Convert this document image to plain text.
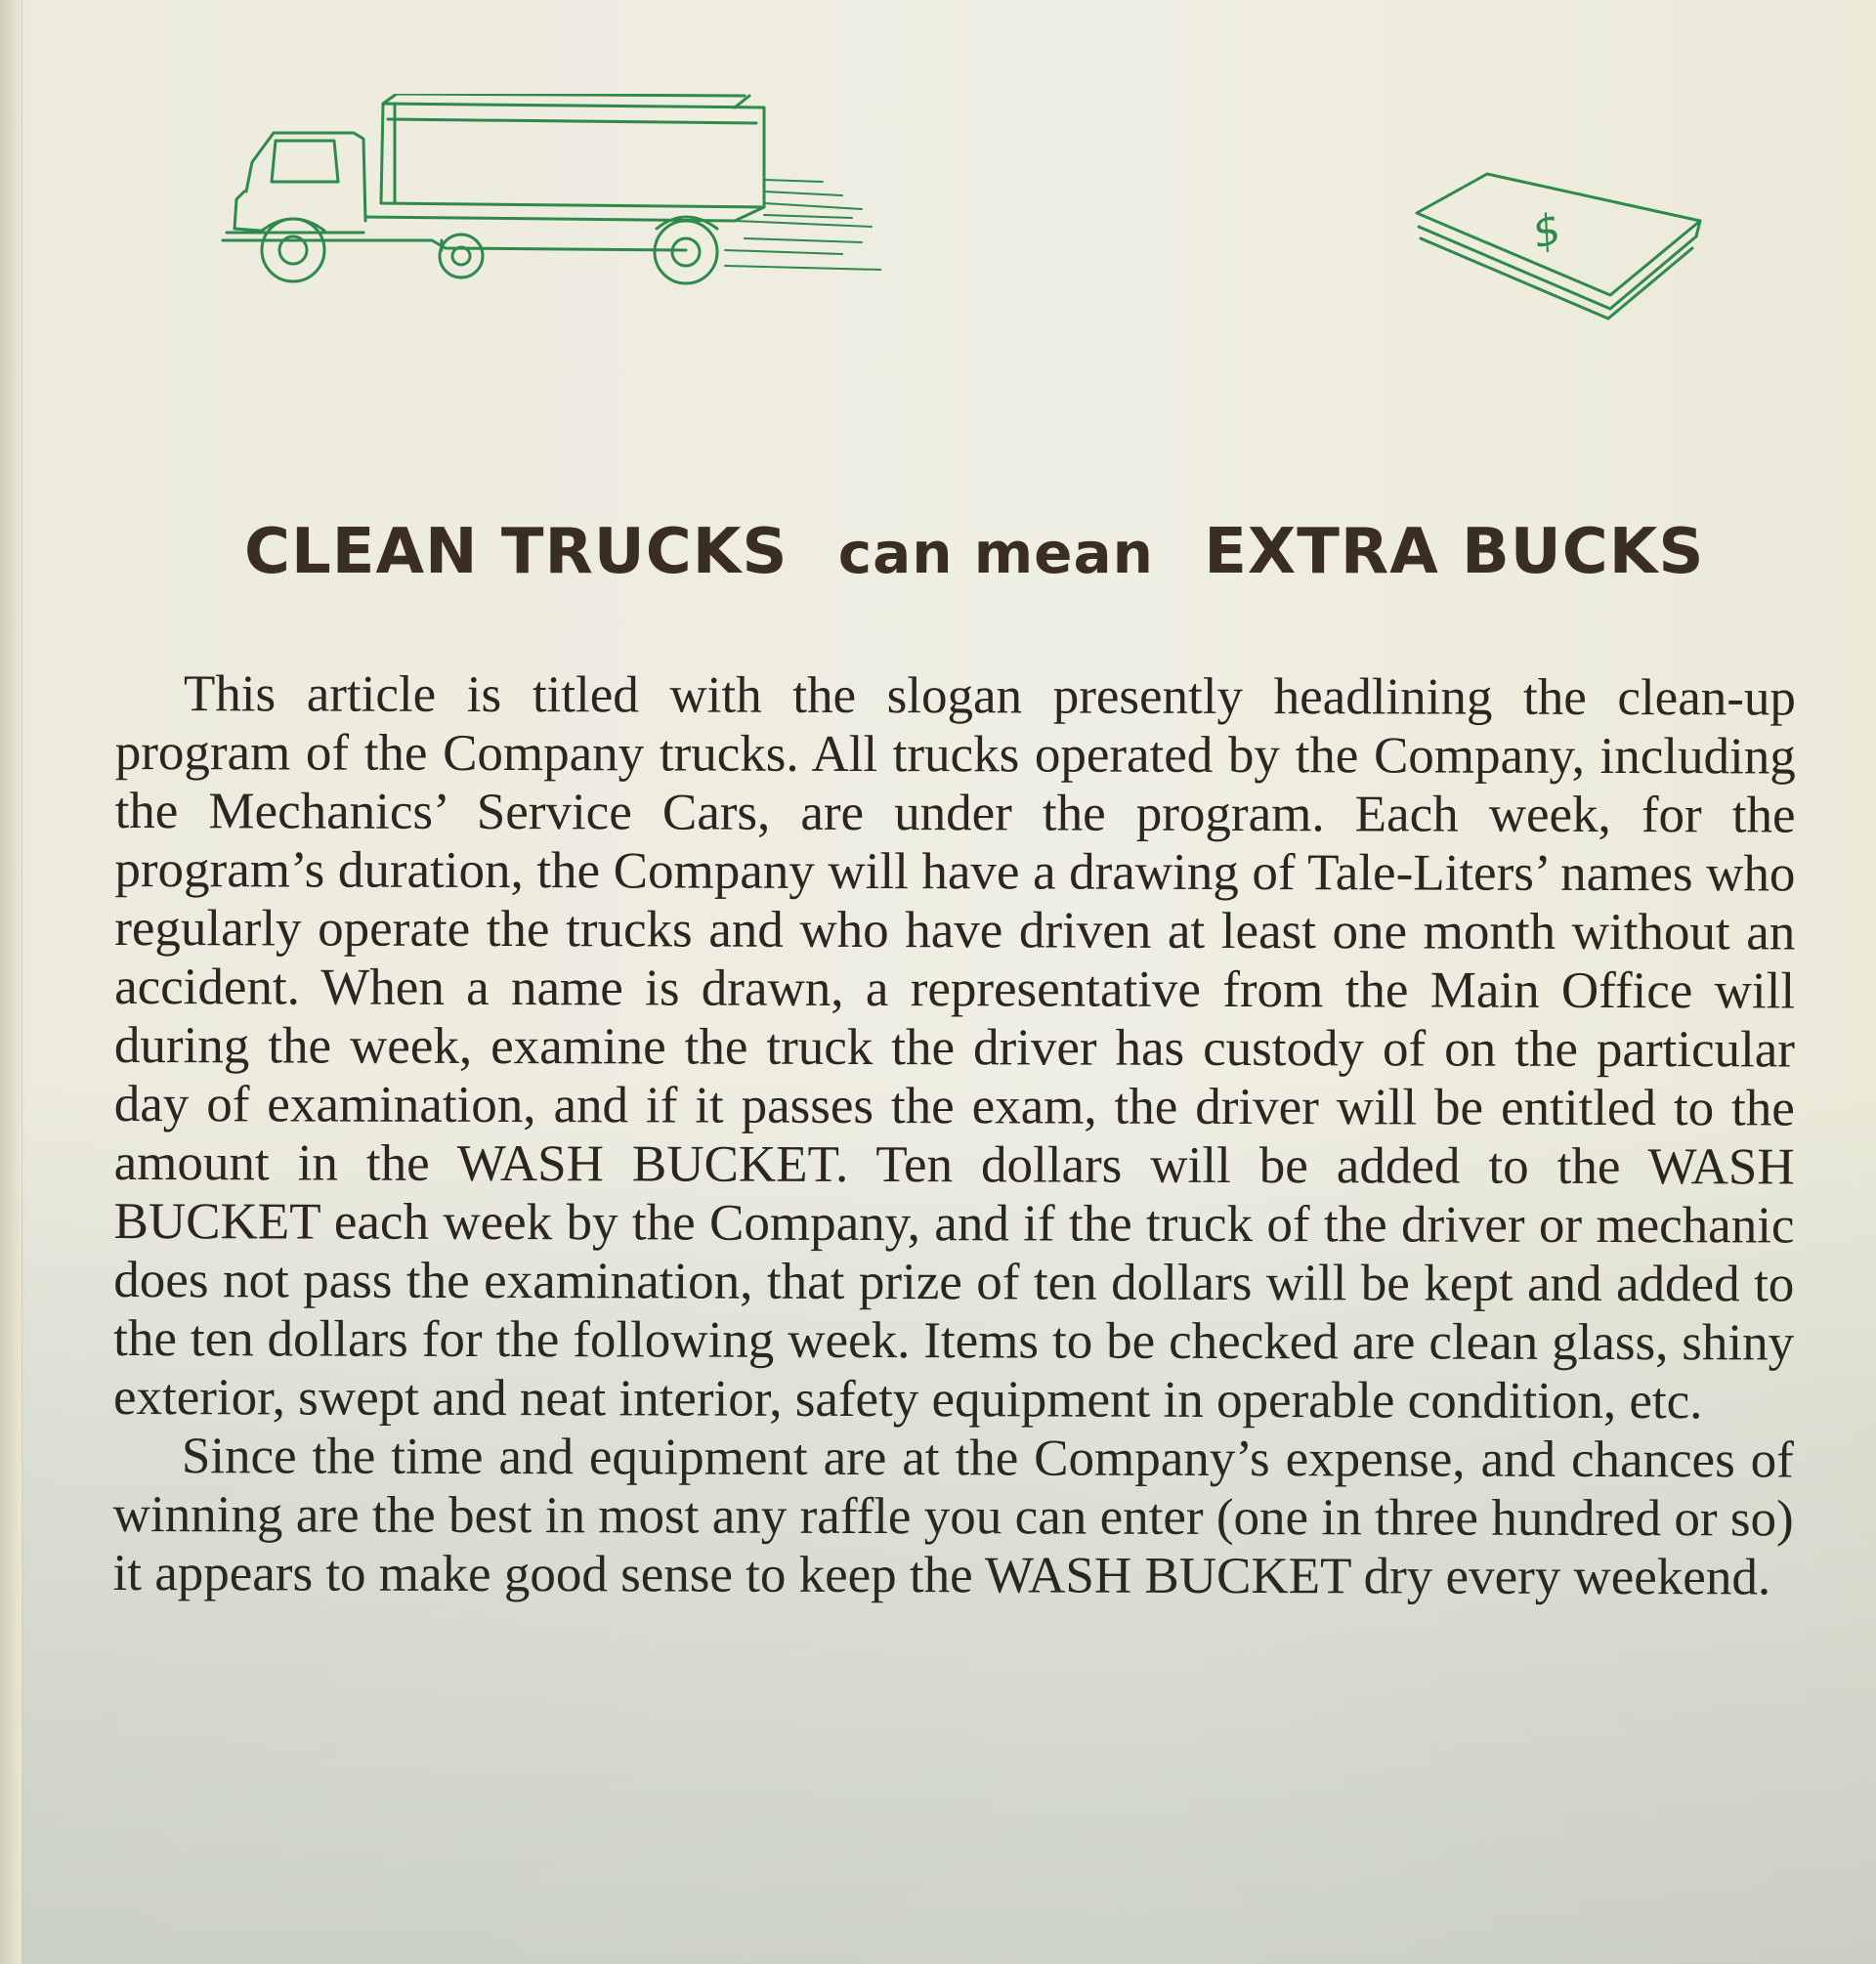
$
CLEAN TRUCKS can mean EXTRA BUCKS

This article is titled with the slogan presently headlining the clean-up program of the Company trucks. All trucks operated by the Company, including the Mechanics’ Service Cars, are under the program. Each week, for the program’s duration, the Company will have a drawing of Tale-Liters’ names who regularly operate the trucks and who have driven at least one month without an accident. When a name is drawn, a representative from the Main Office will during the week, examine the truck the driver has custody of on the particular day of examination, and if it passes the exam, the driver will be entitled to the amount in the WASH BUCKET. Ten dollars will be added to the WASH BUCKET each week by the Company, and if the truck of the driver or mechanic does not pass the examination, that prize of ten dollars will be kept and added to the ten dollars for the following week. Items to be checked are clean glass, shiny exterior, swept and neat interior, safety equipment in operable condition, etc.

Since the time and equipment are at the Company’s expense, and chances of winning are the best in most any raffle you can enter (one in three hundred or so) it appears to make good sense to keep the WASH BUCKET dry every weekend.
